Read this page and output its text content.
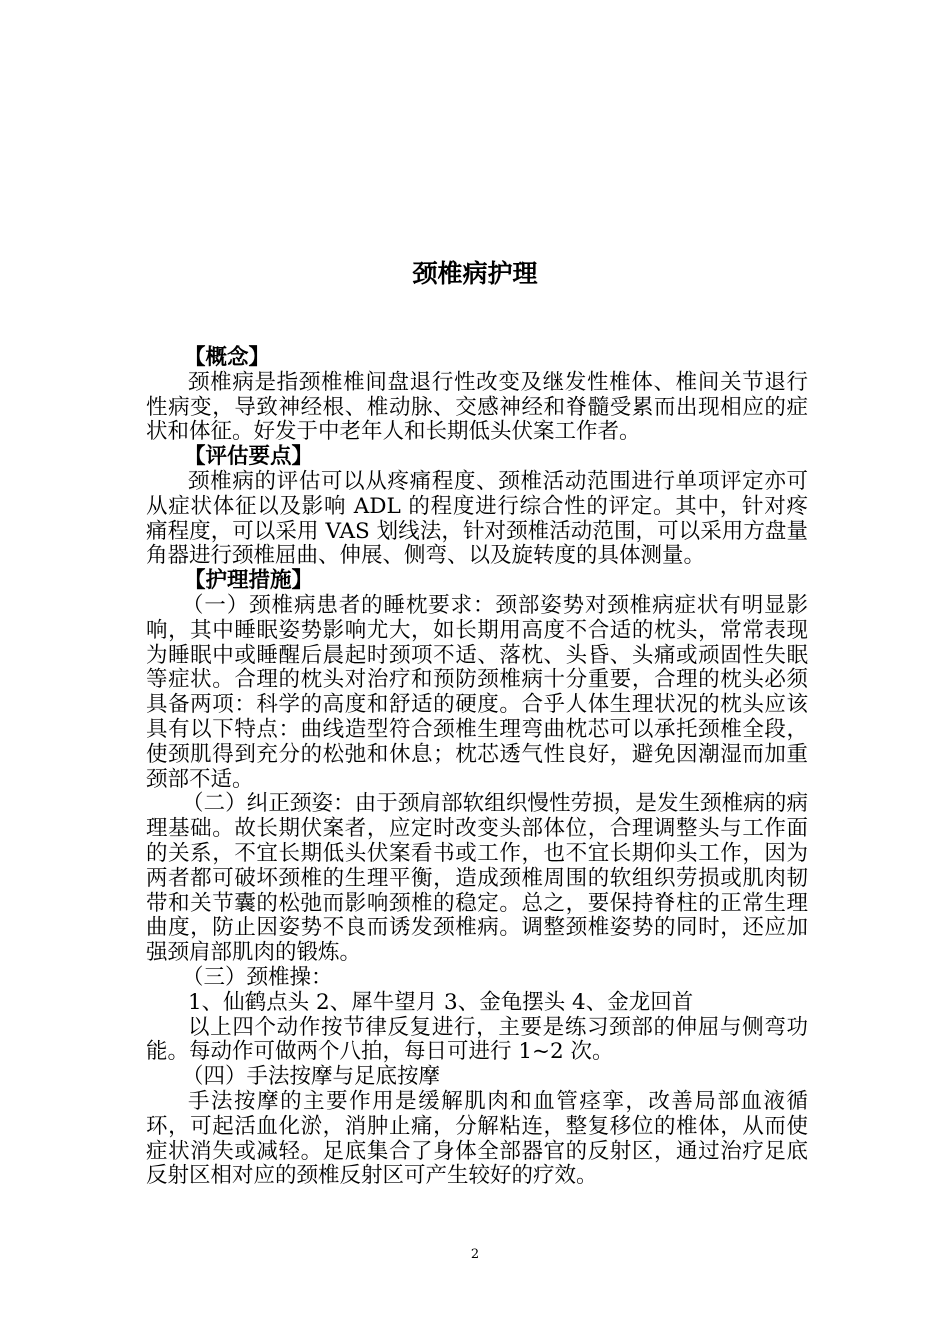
颈椎病护理

【概念】

颈椎病是指颈椎椎间盘退行性改变及继发性椎体、椎间关节退行性病变，导致神经根、椎动脉、交感神经和脊髓受累而出现相应的症状和体征。好发于中老年人和长期低头伏案工作者。

【评估要点】

颈椎病的评估可以从疼痛程度、颈椎活动范围进行单项评定亦可从症状体征以及影响 ADL 的程度进行综合性的评定。其中，针对疼痛程度，可以采用 VAS 划线法，针对颈椎活动范围，可以采用方盘量角器进行颈椎屈曲、伸展、侧弯、以及旋转度的具体测量。

【护理措施】

（一）颈椎病患者的睡枕要求：颈部姿势对颈椎病症状有明显影响，其中睡眠姿势影响尤大，如长期用高度不合适的枕头，常常表现为睡眠中或睡醒后晨起时颈项不适、落枕、头昏、头痛或顽固性失眠等症状。合理的枕头对治疗和预防颈椎病十分重要，合理的枕头必须具备两项：科学的高度和舒适的硬度。合乎人体生理状况的枕头应该具有以下特点：曲线造型符合颈椎生理弯曲枕芯可以承托颈椎全段，使颈肌得到充分的松弛和休息；枕芯透气性良好，避免因潮湿而加重颈部不适。

（二）纠正颈姿：由于颈肩部软组织慢性劳损，是发生颈椎病的病理基础。故长期伏案者，应定时改变头部体位，合理调整头与工作面的关系，不宜长期低头伏案看书或工作，也不宜长期仰头工作，因为两者都可破坏颈椎的生理平衡，造成颈椎周围的软组织劳损或肌肉韧带和关节囊的松弛而影响颈椎的稳定。总之，要保持脊柱的正常生理曲度，防止因姿势不良而诱发颈椎病。调整颈椎姿势的同时，还应加强颈肩部肌肉的锻炼。

（三）颈椎操：

1、仙鹤点头 2、犀牛望月 3、金龟摆头 4、金龙回首

以上四个动作按节律反复进行，主要是练习颈部的伸屈与侧弯功能。每动作可做两个八拍，每日可进行 1~2 次。

（四）手法按摩与足底按摩

手法按摩的主要作用是缓解肌肉和血管痉挛，改善局部血液循环，可起活血化淤，消肿止痛，分解粘连，整复移位的椎体，从而使症状消失或减轻。足底集合了身体全部器官的反射区，通过治疗足底反射区相对应的颈椎反射区可产生较好的疗效。

2
